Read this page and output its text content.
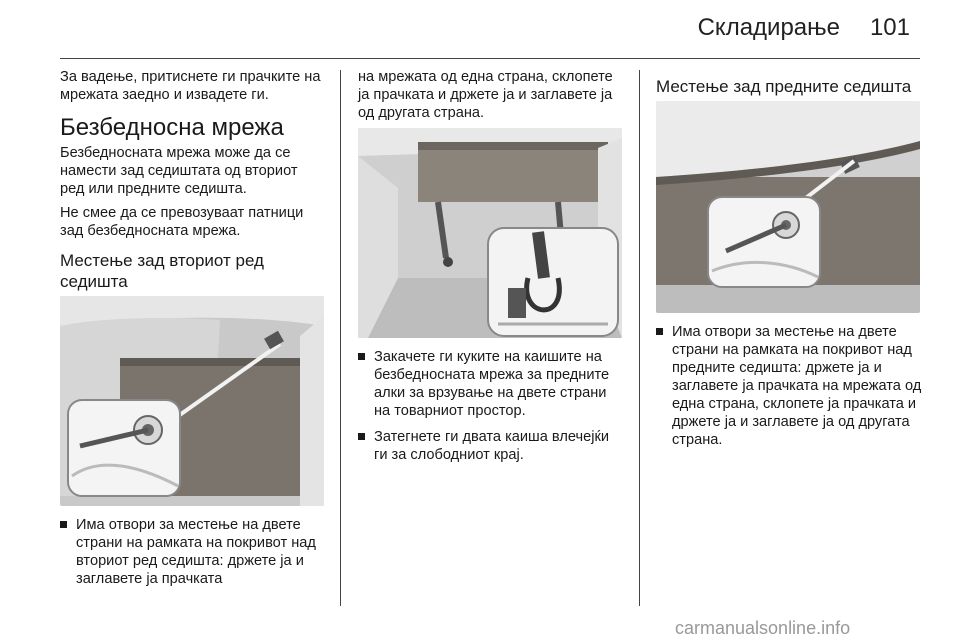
Складирање 101

За вадење, притиснете ги прачките на мрежата заедно и извадете ги.

Безбедносна мрежа

Безбедносната мрежа може да се намести зад седиштата од вториот ред или предните седишта.

Не смее да се превозуваат патници зад безбедносната мрежа.

Местење зад вториот ред седишта
Има отвори за местење на двете страни на рамката на покривот над вториот ред седишта: држете ја и заглавете ја прачката

на мрежата од една страна, склопете ја прачката и држете ја и заглавете ја од другата страна.

Закачете ги куките на каишите на безбедносната мрежа за предните алки за врзување на двете страни на товарниот простор.
Затегнете ги двата каиша влечејќи ги за слободниот крај.
Местење зад предните седишта
Има отвори за местење на двете страни на рамката на покривот над предните седишта: држете ја и заглавете ја прачката на мрежата од една страна, склопете ја прачката и држете ја и заглавете ја од другата страна.
carmanualsonline.info
